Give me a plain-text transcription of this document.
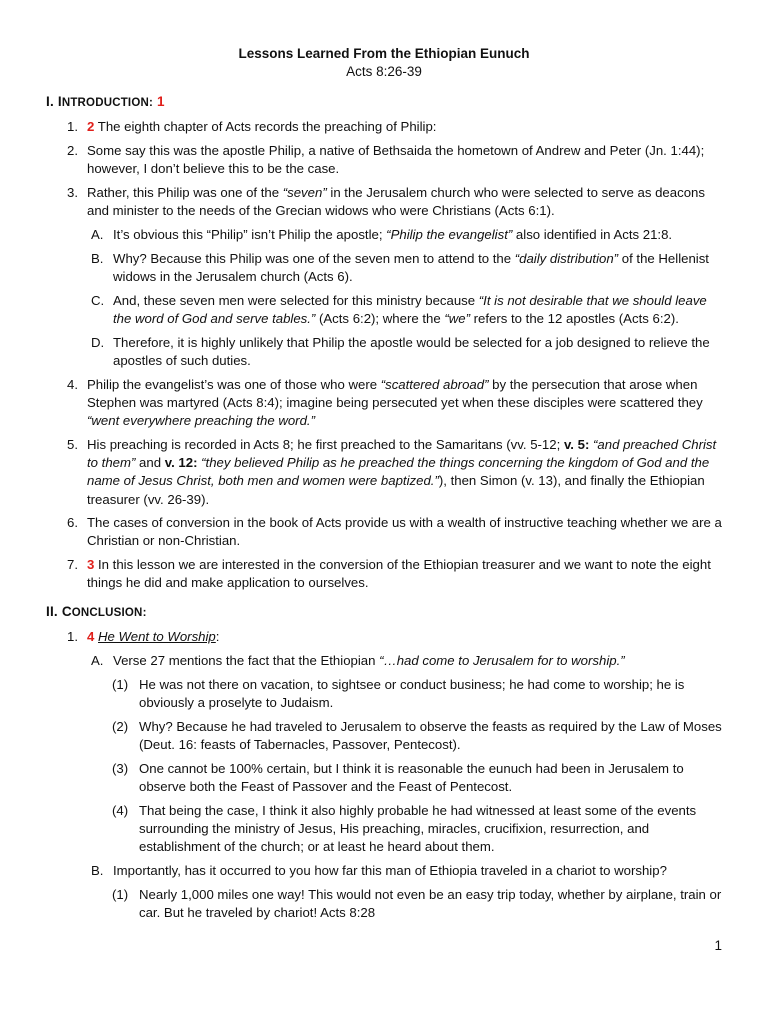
Lessons Learned From the Ethiopian Eunuch
Acts 8:26-39
I. INTRODUCTION: 1
1. 2 The eighth chapter of Acts records the preaching of Philip:
2. Some say this was the apostle Philip, a native of Bethsaida the hometown of Andrew and Peter (Jn. 1:44); however, I don’t believe this to be the case.
3. Rather, this Philip was one of the “seven” in the Jerusalem church who were selected to serve as deacons and minister to the needs of the Grecian widows who were Christians (Acts 6:1).
A. It’s obvious this “Philip” isn’t Philip the apostle; “Philip the evangelist” also identified in Acts 21:8.
B. Why? Because this Philip was one of the seven men to attend to the “daily distribution” of the Hellenist widows in the Jerusalem church (Acts 6).
C. And, these seven men were selected for this ministry because “It is not desirable that we should leave the word of God and serve tables.” (Acts 6:2); where the “we” refers to the 12 apostles (Acts 6:2).
D. Therefore, it is highly unlikely that Philip the apostle would be selected for a job designed to relieve the apostles of such duties.
4. Philip the evangelist’s was one of those who were “scattered abroad” by the persecution that arose when Stephen was martyred (Acts 8:4); imagine being persecuted yet when these disciples were scattered they “went everywhere preaching the word.”
5. His preaching is recorded in Acts 8; he first preached to the Samaritans (vv. 5-12; v. 5: “and preached Christ to them” and v. 12: “they believed Philip as he preached the things concerning the kingdom of God and the name of Jesus Christ, both men and women were baptized.”), then Simon (v. 13), and finally the Ethiopian treasurer (vv. 26-39).
6. The cases of conversion in the book of Acts provide us with a wealth of instructive teaching whether we are a Christian or non-Christian.
7. 3 In this lesson we are interested in the conversion of the Ethiopian treasurer and we want to note the eight things he did and make application to ourselves.
II. CONCLUSION:
1. 4 He Went to Worship:
A. Verse 27 mentions the fact that the Ethiopian “…had come to Jerusalem for to worship.”
(1) He was not there on vacation, to sightsee or conduct business; he had come to worship; he is obviously a proselyte to Judaism.
(2) Why? Because he had traveled to Jerusalem to observe the feasts as required by the Law of Moses (Deut. 16: feasts of Tabernacles, Passover, Pentecost).
(3) One cannot be 100% certain, but I think it is reasonable the eunuch had been in Jerusalem to observe both the Feast of Passover and the Feast of Pentecost.
(4) That being the case, I think it also highly probable he had witnessed at least some of the events surrounding the ministry of Jesus, His preaching, miracles, crucifixion, resurrection, and establishment of the church; or at least he heard about them.
B. Importantly, has it occurred to you how far this man of Ethiopia traveled in a chariot to worship?
(1) Nearly 1,000 miles one way! This would not even be an easy trip today, whether by airplane, train or car. But he traveled by chariot! Acts 8:28
1
